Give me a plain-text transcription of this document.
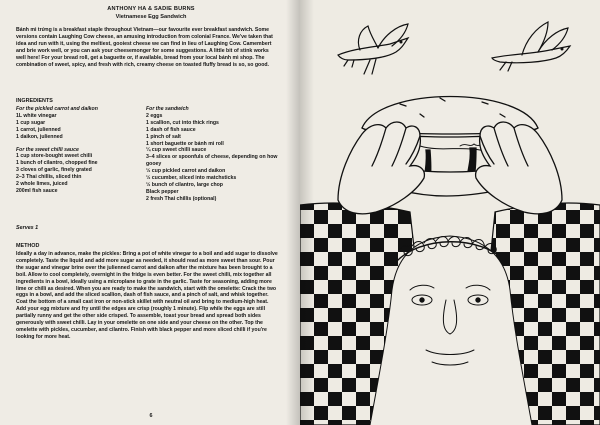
ANTHONY HA & SADIE BURNS
Vietnamese Egg Sandwich

Bánh mì trứng is a breakfast staple throughout Vietnam—our favourite ever breakfast sandwich. Some versions contain Laughing Cow cheese, an amusing introduction from colonial France. We've taken that idea and run with it, using the meltiest, gooiest cheese we can find in lieu of Laughing Cow. Camembert and brie work well, or you can ask your cheesemonger for some suggestions. A little bit of stink works well here! For your bread roll, get a baguette or, if available, bread from your local bánh mì shop. The combination of sweet, spicy, and fresh with rich, creamy cheese on toasted fluffy bread is so, so good.

INGREDIENTS
For the pickled carrot and daikon
1L white vinegar
1 cup sugar
1 carrot, julienned
1 daikon, julienned
For the sweet chilli sauce
1 cup store-bought sweet chilli
1 bunch of cilantro, chopped fine
3 cloves of garlic, finely grated
2–3 Thai chillis, sliced thin
2 whole limes, juiced
200ml fish sauce
For the sandwich
2 eggs
1 scallion, cut into thick rings
1 dash of fish sauce
1 pinch of salt
1 short baguette or bánh mì roll
¼ cup sweet chilli sauce
3–4 slices or spoonfuls of cheese, depending on how gooey
½ cup pickled carrot and daikon
½ cucumber, sliced into matchsticks
½ bunch of cilantro, large chop
Black pepper
2 fresh Thai chillis (optional)
Serves 1
METHOD

Ideally a day in advance, make the pickles: Bring a pot of white vinegar to a boil and add sugar to dissolve completely. Taste the liquid and add more sugar as needed, it should read as more sweet than sour. Pour the sugar and vinegar brine over the julienned carrot and daikon after the mixture has been brought to a boil. Allow to cool completely, overnight in the fridge is even better. For the sweet chilli, mix together all ingredients in a bowl, ideally using a microplane to grate in the garlic. Taste for seasoning, adding more lime or chilli as desired. When you are ready to make the sandwich, start with the omelette: Crack the two eggs in a bowl, and add the sliced scallion, dash of fish sauce, and a pinch of salt, and whisk together. Coat the bottom of a small cast iron or non-stick skillet with neutral oil and bring to medium-high heat. Add your egg mixture and fry until the edges are crisp (roughly 1 minute). Flip while the eggs are still partially runny and get the other side crisped. To assemble, toast your bread and spread both sides generously with sweet chilli. Lay in your omelette on one side and your cheese on the other. Top the omelette with pickles, cucumber, and cilantro. Finish with black pepper and more sliced chilli if you're looking for more heat.

6
